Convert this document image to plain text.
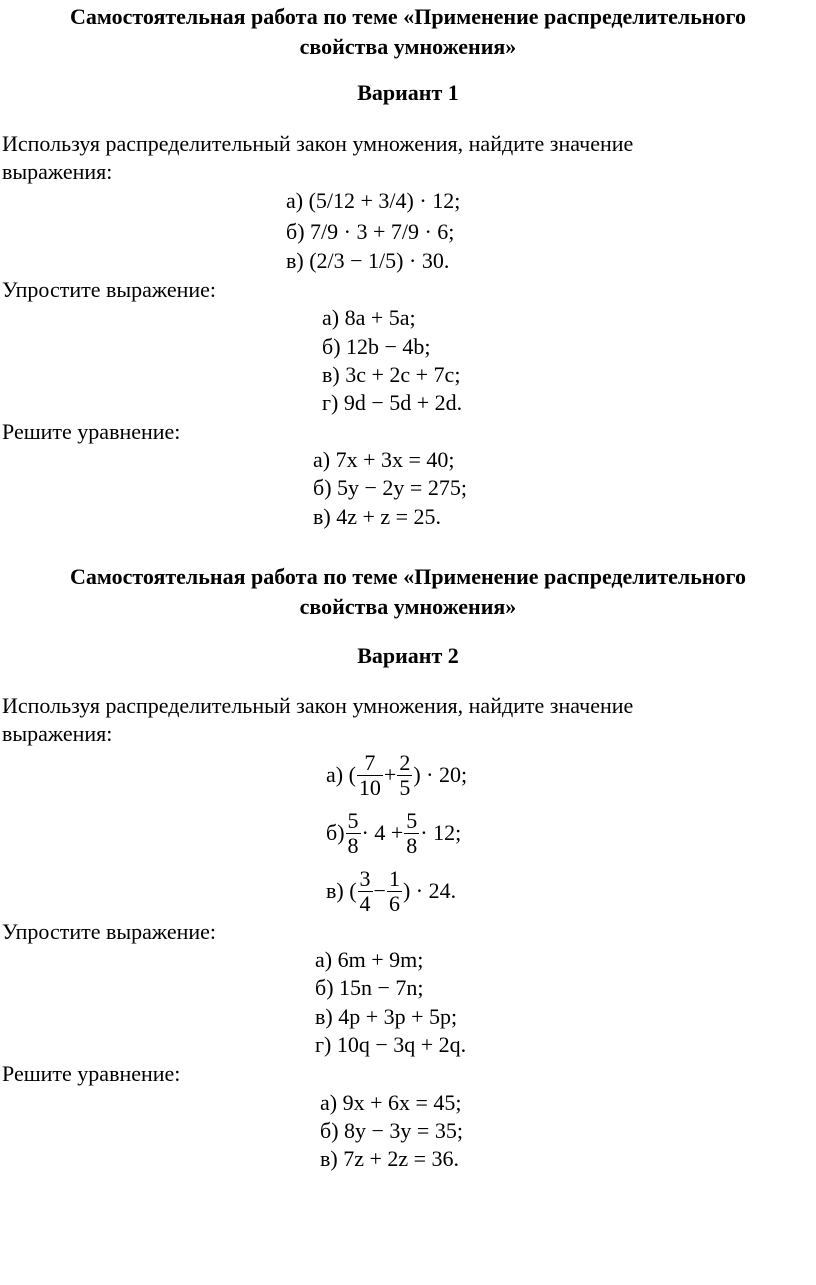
Самостоятельная работа по теме «Применение распределительного
свойства умножения»
Вариант 1
Используя распределительный закон умножения, найдите значение
выражения:
а) (5/12 + 3/4) · 12;
б) 7/9 · 3 + 7/9 · 6;
в) (2/3 − 1/5) · 30.
Упростите выражение:
а) 8a + 5a;
б) 12b − 4b;
в) 3c + 2c + 7c;
г) 9d − 5d + 2d.
Решите уравнение:
а) 7x + 3x = 40;
б) 5y − 2y = 275;
в) 4z + z = 25.
Самостоятельная работа по теме «Применение распределительного
свойства умножения»
Вариант 2
Используя распределительный закон умножения, найдите значение
выражения:
а) ( $\frac{7}{10} + \frac{2}{5}$ ) · 20;
$б) \frac{5}{8} \cdot 4 + \frac{5}{8} \cdot 12$;
в) ( $\frac{3}{4} - \frac{1}{6}$ ) · 24.
Упростите выражение:
а) 6m + 9m;
б) 15n − 7n;
в) 4p + 3p + 5p;
г) 10q − 3q + 2q.
Решите уравнение:
а) 9x + 6x = 45;
б) 8y − 3y = 35;
в) 7z + 2z = 36.
